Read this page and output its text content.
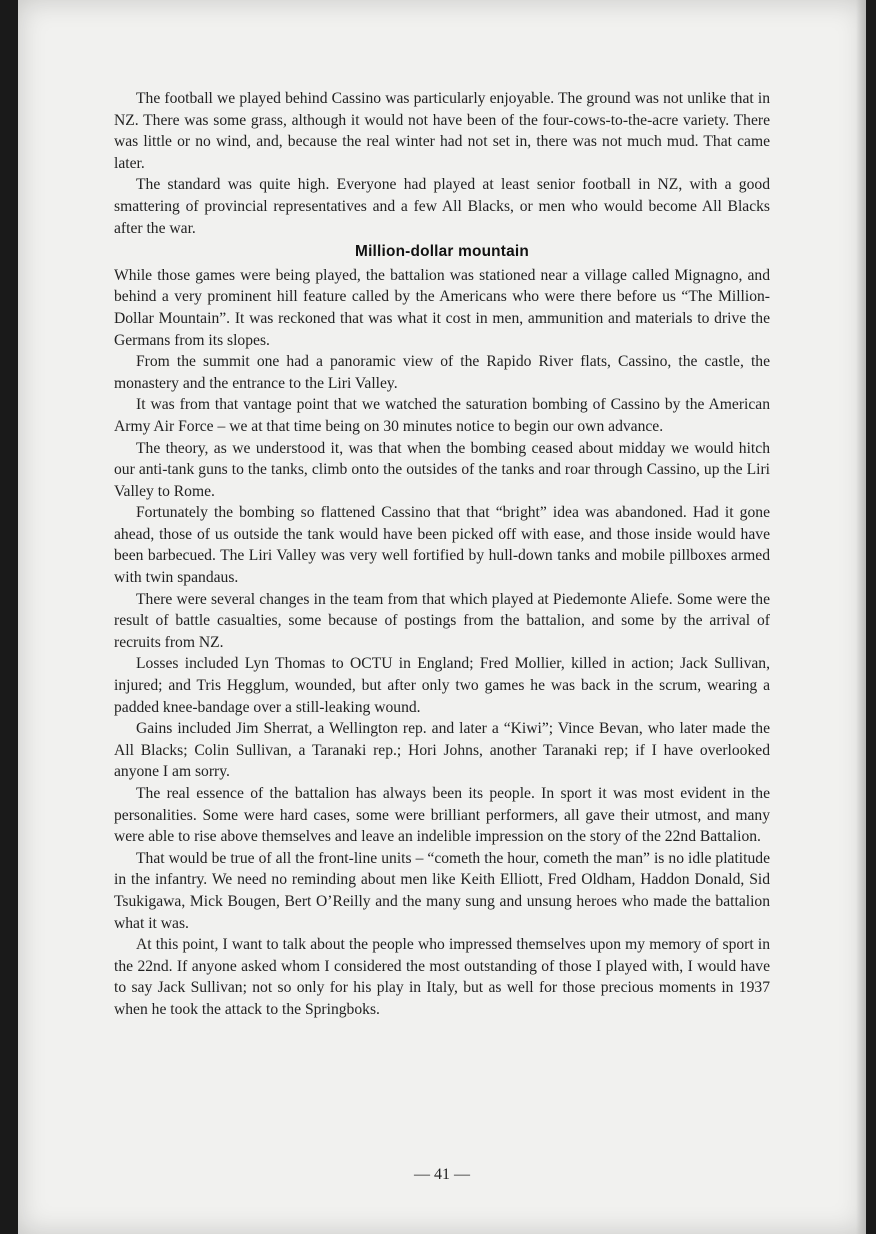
The football we played behind Cassino was particularly enjoyable. The ground was not unlike that in NZ. There was some grass, although it would not have been of the four-cows-to-the-acre variety. There was little or no wind, and, because the real winter had not set in, there was not much mud. That came later.

The standard was quite high. Everyone had played at least senior football in NZ, with a good smattering of provincial representatives and a few All Blacks, or men who would become All Blacks after the war.

Million-dollar mountain

While those games were being played, the battalion was stationed near a village called Mignagno, and behind a very prominent hill feature called by the Americans who were there before us “The Million-Dollar Mountain”. It was reckoned that was what it cost in men, ammunition and materials to drive the Germans from its slopes.

From the summit one had a panoramic view of the Rapido River flats, Cassino, the castle, the monastery and the entrance to the Liri Valley.

It was from that vantage point that we watched the saturation bombing of Cassino by the American Army Air Force – we at that time being on 30 minutes notice to begin our own advance.

The theory, as we understood it, was that when the bombing ceased about midday we would hitch our anti-tank guns to the tanks, climb onto the outsides of the tanks and roar through Cassino, up the Liri Valley to Rome.

Fortunately the bombing so flattened Cassino that that “bright” idea was abandoned. Had it gone ahead, those of us outside the tank would have been picked off with ease, and those inside would have been barbecued. The Liri Valley was very well fortified by hull-down tanks and mobile pillboxes armed with twin spandaus.

There were several changes in the team from that which played at Piedemonte Aliefe. Some were the result of battle casualties, some because of postings from the battalion, and some by the arrival of recruits from NZ.

Losses included Lyn Thomas to OCTU in England; Fred Mollier, killed in action; Jack Sullivan, injured; and Tris Hegglum, wounded, but after only two games he was back in the scrum, wearing a padded knee-bandage over a still-leaking wound.

Gains included Jim Sherrat, a Wellington rep. and later a “Kiwi”; Vince Bevan, who later made the All Blacks; Colin Sullivan, a Taranaki rep.; Hori Johns, another Taranaki rep; if I have overlooked anyone I am sorry.

The real essence of the battalion has always been its people. In sport it was most evident in the personalities. Some were hard cases, some were brilliant performers, all gave their utmost, and many were able to rise above themselves and leave an indelible impression on the story of the 22nd Battalion.

That would be true of all the front-line units – “cometh the hour, cometh the man” is no idle platitude in the infantry. We need no reminding about men like Keith Elliott, Fred Oldham, Haddon Donald, Sid Tsukigawa, Mick Bougen, Bert O’Reilly and the many sung and unsung heroes who made the battalion what it was.

At this point, I want to talk about the people who impressed themselves upon my memory of sport in the 22nd. If anyone asked whom I considered the most outstanding of those I played with, I would have to say Jack Sullivan; not so only for his play in Italy, but as well for those precious moments in 1937 when he took the attack to the Springboks.

— 41 —
